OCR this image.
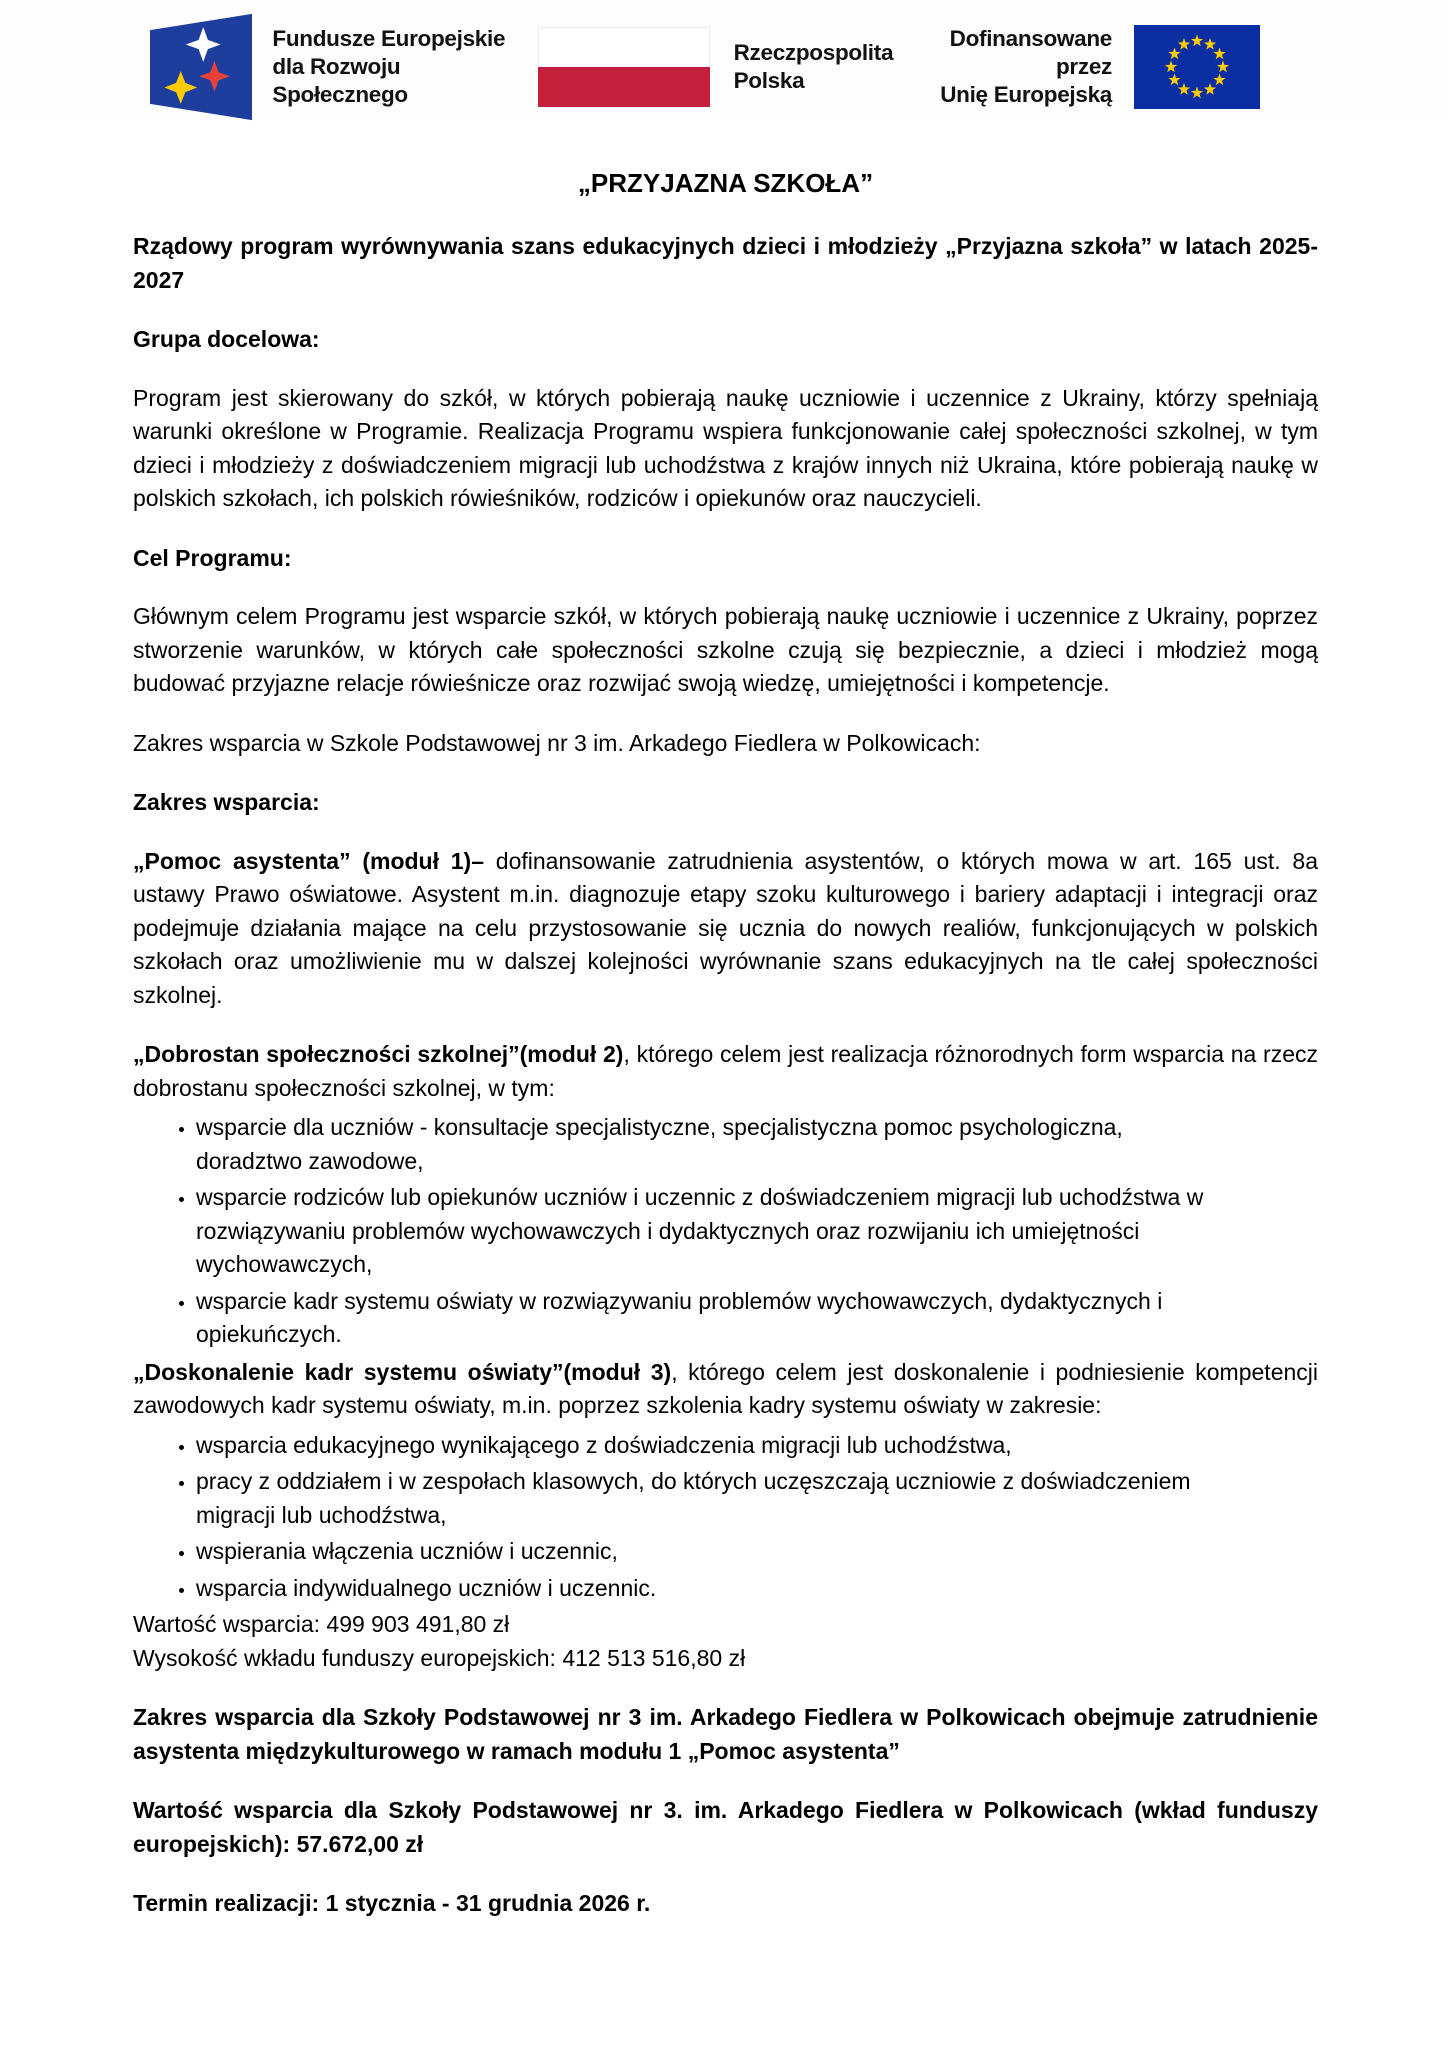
Fundusze Europejskie
dla Rozwoju Społecznego
Rzeczpospolita
Polska
Dofinansowane przez
Unię Europejską
„PRZYJAZNA SZKOŁA”

Rządowy program wyrównywania szans edukacyjnych dzieci i młodzieży „Przyjazna szkoła” w latach 2025-2027

Grupa docelowa:

Program jest skierowany do szkół, w których pobierają naukę uczniowie i uczennice z Ukrainy, którzy spełniają warunki określone w Programie. Realizacja Programu wspiera funkcjonowanie całej społeczności szkolnej, w tym dzieci i młodzieży z doświadczeniem migracji lub uchodźstwa z krajów innych niż Ukraina, które pobierają naukę w polskich szkołach, ich polskich rówieśników, rodziców i opiekunów oraz nauczycieli.

Cel Programu:

Głównym celem Programu jest wsparcie szkół, w których pobierają naukę uczniowie i uczennice z Ukrainy, poprzez stworzenie warunków, w których całe społeczności szkolne czują się bezpiecznie, a dzieci i młodzież mogą budować przyjazne relacje rówieśnicze oraz rozwijać swoją wiedzę, umiejętności i kompetencje.

Zakres wsparcia w Szkole Podstawowej nr 3 im. Arkadego Fiedlera w Polkowicach:

Zakres wsparcia:

„Pomoc asystenta” (moduł 1)– dofinansowanie zatrudnienia asystentów, o których mowa w art. 165 ust. 8a ustawy Prawo oświatowe. Asystent m.in. diagnozuje etapy szoku kulturowego i bariery adaptacji i integracji oraz podejmuje działania mające na celu przystosowanie się ucznia do nowych realiów, funkcjonujących w polskich szkołach oraz umożliwienie mu w dalszej kolejności wyrównanie szans edukacyjnych na tle całej społeczności szkolnej.

„Dobrostan społeczności szkolnej”(moduł 2), którego celem jest realizacja różnorodnych form wsparcia na rzecz dobrostanu społeczności szkolnej, w tym:

• wsparcie dla uczniów - konsultacje specjalistyczne, specjalistyczna pomoc psychologiczna, doradztwo zawodowe,
• wsparcie rodziców lub opiekunów uczniów i uczennic z doświadczeniem migracji lub uchodźstwa w rozwiązywaniu problemów wychowawczych i dydaktycznych oraz rozwijaniu ich umiejętności wychowawczych,
• wsparcie kadr systemu oświaty w rozwiązywaniu problemów wychowawczych, dydaktycznych i opiekuńczych.

„Doskonalenie kadr systemu oświaty”(moduł 3), którego celem jest doskonalenie i podniesienie kompetencji zawodowych kadr systemu oświaty, m.in. poprzez szkolenia kadry systemu oświaty w zakresie:

• wsparcia edukacyjnego wynikającego z doświadczenia migracji lub uchodźstwa,
• pracy z oddziałem i w zespołach klasowych, do których uczęszczają uczniowie z doświadczeniem migracji lub uchodźstwa,
• wspierania włączenia uczniów i uczennic,
• wsparcia indywidualnego uczniów i uczennic.

Wartość wsparcia: 499 903 491,80 zł

Wysokość wkładu funduszy europejskich: 412 513 516,80 zł

Zakres wsparcia dla Szkoły Podstawowej nr 3 im. Arkadego Fiedlera w Polkowicach obejmuje zatrudnienie asystenta międzykulturowego w ramach modułu 1 „Pomoc asystenta”

Wartość wsparcia dla Szkoły Podstawowej nr 3. im. Arkadego Fiedlera w Polkowicach (wkład funduszy europejskich): 57.672,00 zł

Termin realizacji: 1 stycznia - 31 grudnia 2026 r.
